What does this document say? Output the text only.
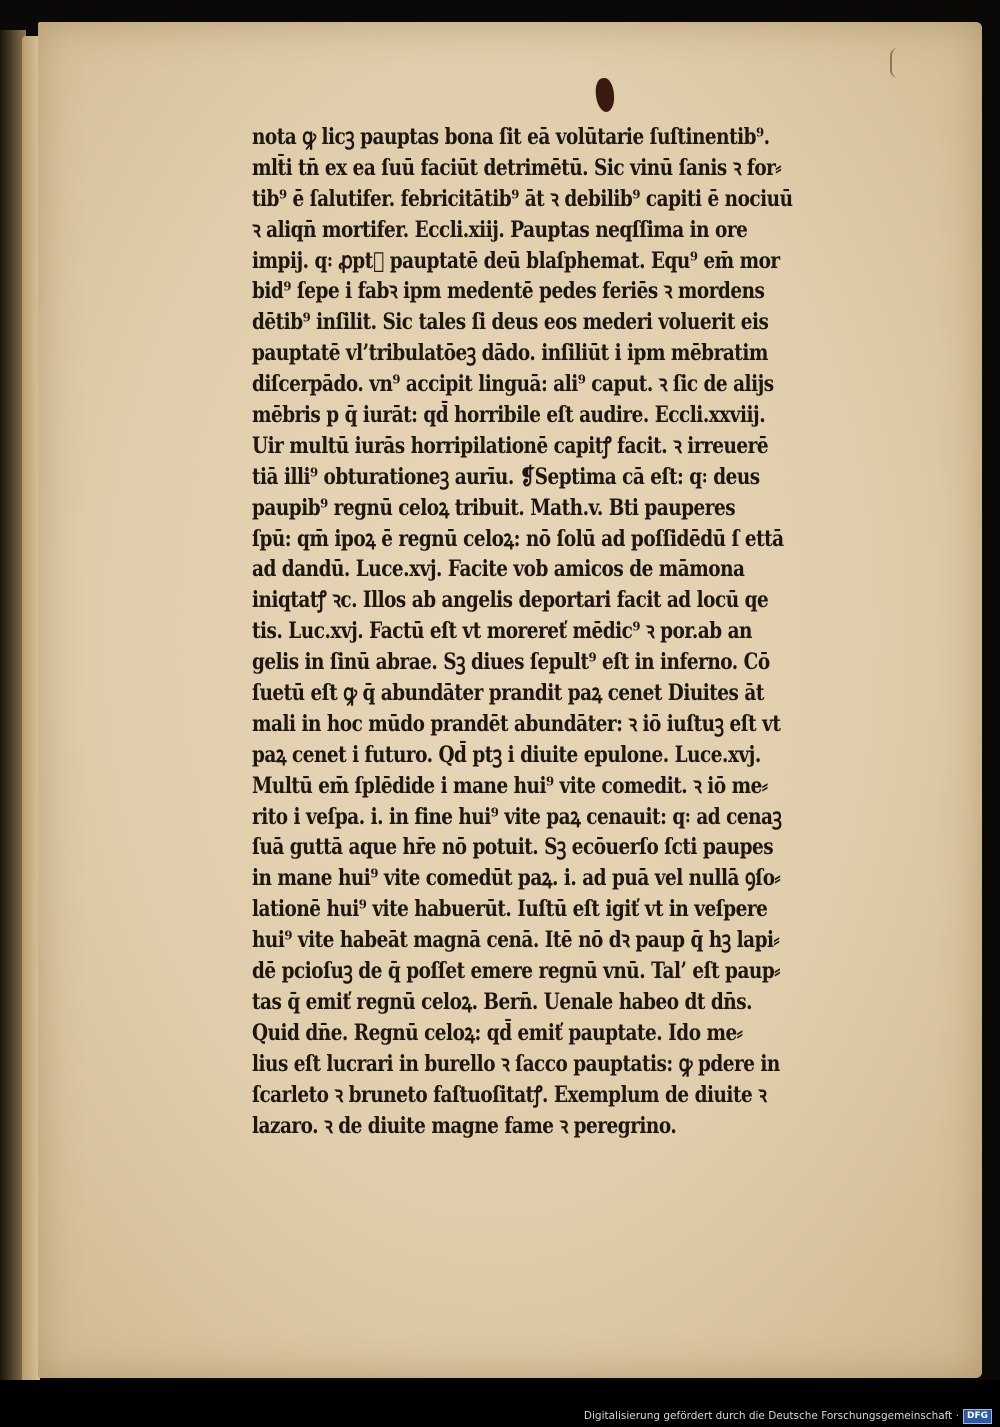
nota ꝙ licꝫ pauptas bona ſit eā volūtarie ſuſtinentib⁹.
mlt̄i tn̄ ex ea ſuū faciūt detrimētū. Sic vinū ſanis ꝛ for⸗
tib⁹ ē ſalutifer. febricitātib⁹ āt ꝛ debilib⁹ capiti ē nociuū
ꝛ aliqn̄ mortifer. Eccli.xiij. Pauptas neqſſima in ore
impij. q꞉ ꝓpt᷑ pauptatē deū blaſphemat. Equ⁹ em̄ mor
bid⁹ ſepe i fabꝛ ipm medentē pedes feriēs ꝛ mordens
dētib⁹ inſilit. Sic tales ſi deus eos mederi voluerit eis
pauptatē vl’tribulatōeꝫ dādo. inſiliūt i ipm mēbratim
diſcerpādo. vn⁹ accipit linguā: ali⁹ caput. ꝛ ſic de alijs
mēbris p q̄ iurāt: qd̄ horribile eſt audire. Eccli.xxviij.
Uir multū iurās horripilationē capitꝭ facit. ꝛ irreuerē
tiā illi⁹ obturationeꝫ aurīu. ❡Septima cā eſt: q꞉ deus
paupib⁹ regnū celoꝝ tribuit. Math.v. Bti pauperes
ſpū: qm̄ ipoꝝ ē regnū celoꝝ: nō ſolū ad poſſidēdū ſ ettā
ad dandū. Luce.xvj. Facite vob amicos de māmona
iniqtatꝭ ꝛc. Illos ab angelis deportari facit ad locū qe
tis. Luc.xvj. Factū eſt vt morereť mēdic⁹ ꝛ por.ab an
gelis in ſinū abrae. Sꝫ diues ſepult⁹ eſt in inferno. Cō
ſuetū eſt ꝙ q̄ abundāter prandit paꝝ cenet Diuites āt
mali in hoc mūdo prandēt abundāter: ꝛ iō iuſtuꝫ eſt vt
paꝝ cenet i futuro. Qd̄ ptꝫ i diuite epulone. Luce.xvj.
Multū em̄ ſplēdide i mane hui⁹ vite comedit. ꝛ iō me⸗
rito i veſpa. i. in fine hui⁹ vite paꝝ cenauit: q꞉ ad cenaꝫ
ſuā guttā aque hr̄e nō potuit. Sꝫ ecōuerſo ſcti paupes
in mane hui⁹ vite comedūt paꝝ. i. ad puā vel nullā ꝯſo⸗
lationē hui⁹ vite habuerūt. Iuſtū eſt igiť vt in veſpere
hui⁹ vite habeāt magnā cenā. Itē nō dꝛ paup q̄ hꝫ lapi⸗
dē pcioſuꝫ de q̄ poſſet emere regnū vnū. Tal’ eſt paup⸗
tas q̄ emiť regnū celoꝝ. Bern̄. Uenale habeo dt dn̄s.
Quid dn̄e. Regnū celoꝝ: qd̄ emiť pauptate. Ido me⸗
lius eſt lucrari in burello ꝛ ſacco pauptatis: ꝙ pdere in
ſcarleto ꝛ bruneto faſtuoſitatꝭ. Exemplum de diuite ꝛ
lazaro. ꝛ de diuite magne fame ꝛ peregrino.
Digitalisierung gefördert durch die Deutsche Forschungsgemeinschaft · DFG
